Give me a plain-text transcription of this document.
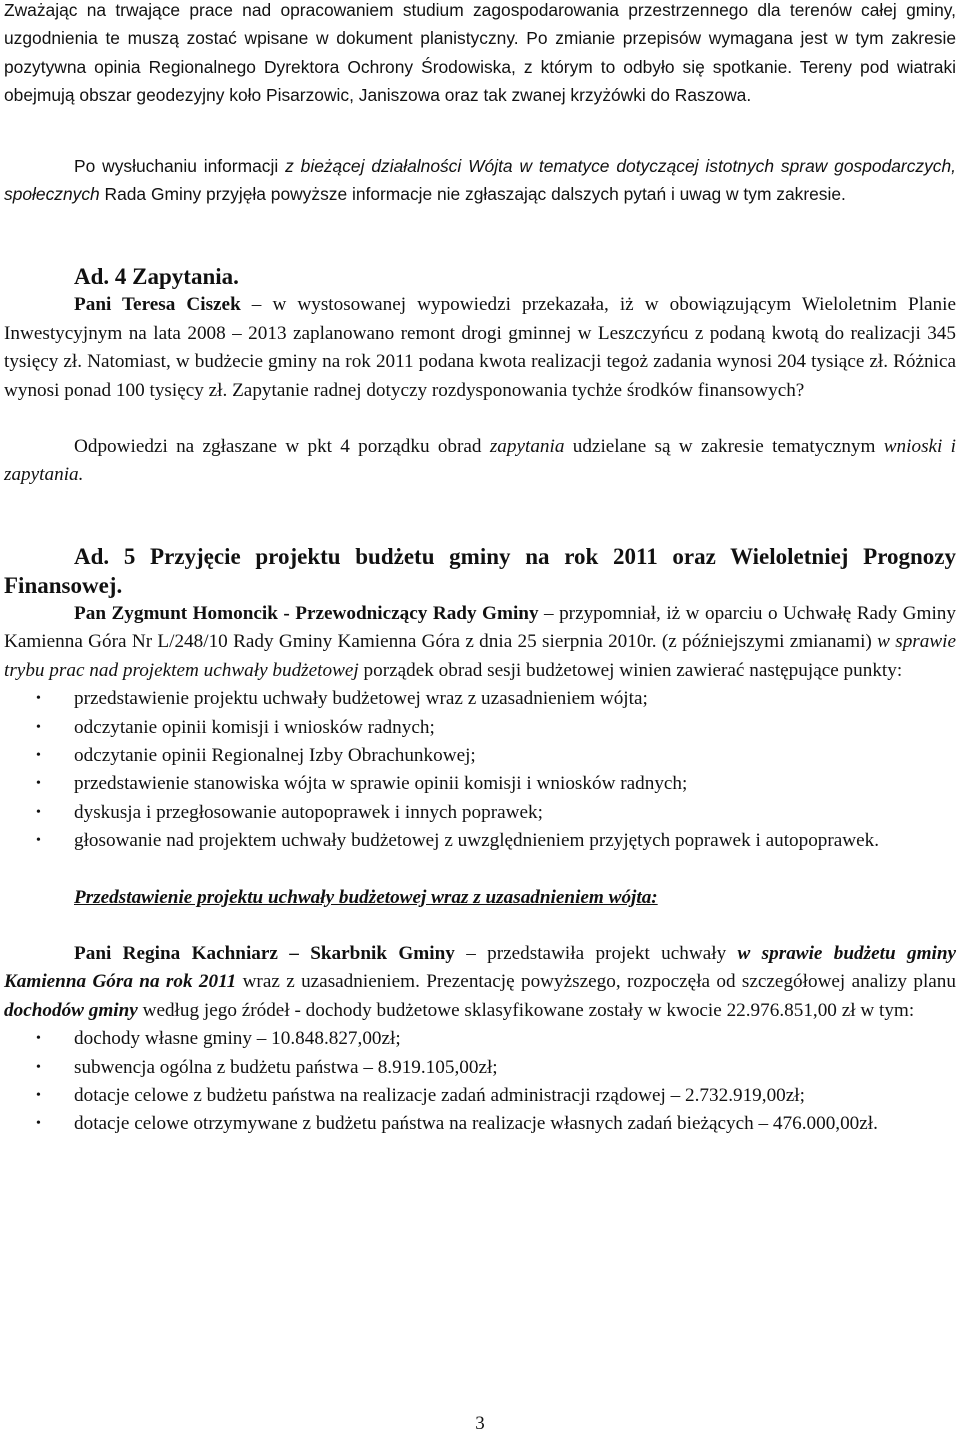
Zważając na trwające prace nad opracowaniem studium zagospodarowania przestrzennego dla terenów całej gminy, uzgodnienia te muszą zostać wpisane w dokument planistyczny. Po zmianie przepisów wymagana jest w tym zakresie pozytywna opinia Regionalnego Dyrektora Ochrony Środowiska, z którym to odbyło się spotkanie. Tereny pod wiatraki obejmują obszar geodezyjny koło Pisarzowic, Janiszowa oraz tak zwanej krzyżówki do Raszowa.

Po wysłuchaniu informacji z bieżącej działalności Wójta w tematyce dotyczącej istotnych spraw gospodarczych, społecznych Rada Gminy przyjęła powyższe informacje nie zgłaszając dalszych pytań i uwag w tym zakresie.

Ad. 4 Zapytania.

Pani Teresa Ciszek – w wystosowanej wypowiedzi przekazała, iż w obowiązującym Wieloletnim Planie Inwestycyjnym na lata 2008 – 2013 zaplanowano remont drogi gminnej w Leszczyńcu z podaną kwotą do realizacji 345 tysięcy zł. Natomiast, w budżecie gminy na rok 2011 podana kwota realizacji tegoż zadania wynosi 204 tysiące zł. Różnica wynosi ponad 100 tysięcy zł. Zapytanie radnej dotyczy rozdysponowania tychże środków finansowych?

Odpowiedzi na zgłaszane w pkt 4 porządku obrad zapytania udzielane są w zakresie tematycznym wnioski i zapytania.

Ad. 5 Przyjęcie projektu budżetu gminy na rok 2011 oraz Wieloletniej Prognozy Finansowej.

Pan Zygmunt Homoncik - Przewodniczący Rady Gminy – przypomniał, iż w oparciu o Uchwałę Rady Gminy Kamienna Góra Nr L/248/10 Rady Gminy Kamienna Góra z dnia 25 sierpnia 2010r. (z późniejszymi zmianami) w sprawie trybu prac nad projektem uchwały budżetowej porządek obrad sesji budżetowej winien zawierać następujące punkty:

• przedstawienie projektu uchwały budżetowej wraz z uzasadnieniem wójta;
• odczytanie opinii komisji i wniosków radnych;
• odczytanie opinii Regionalnej Izby Obrachunkowej;
• przedstawienie stanowiska wójta w sprawie opinii komisji i wniosków radnych;
• dyskusja i przegłosowanie autopoprawek i innych poprawek;
• głosowanie nad projektem uchwały budżetowej z uwzględnieniem przyjętych poprawek i autopoprawek.

Przedstawienie projektu uchwały budżetowej wraz z uzasadnieniem wójta:

Pani Regina Kachniarz – Skarbnik Gminy – przedstawiła projekt uchwały w sprawie budżetu gminy Kamienna Góra na rok 2011 wraz z uzasadnieniem. Prezentację powyższego, rozpoczęła od szczegółowej analizy planu dochodów gminy według jego źródeł - dochody budżetowe sklasyfikowane zostały w kwocie 22.976.851,00 zł w tym:

• dochody własne gminy – 10.848.827,00zł;
• subwencja ogólna z budżetu państwa – 8.919.105,00zł;
• dotacje celowe z budżetu państwa na realizacje zadań administracji rządowej – 2.732.919,00zł;
• dotacje celowe otrzymywane z budżetu państwa na realizacje własnych zadań bieżących – 476.000,00zł.
3
